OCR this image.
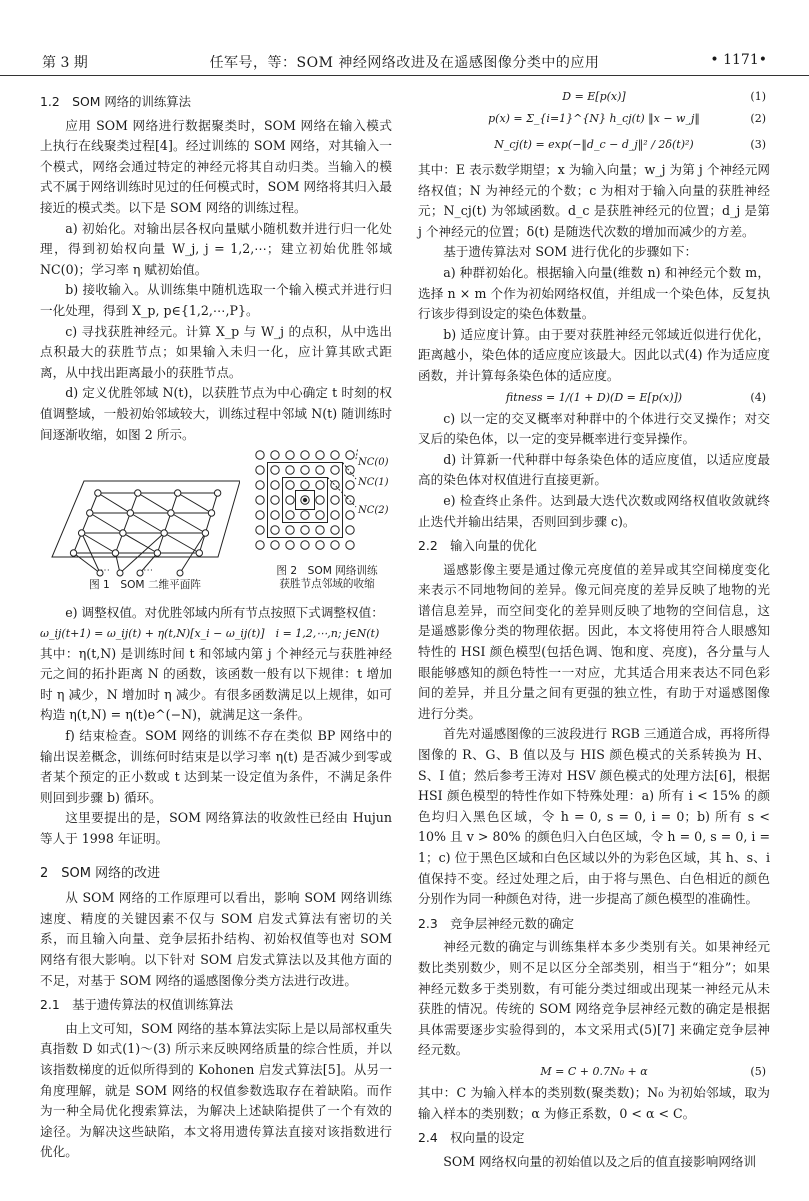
第 3 期	任军号，等：SOM 神经网络改进及在遥感图像分类中的应用	• 1171•
1.2　SOM 网络的训练算法

应用 SOM 网络进行数据聚类时，SOM 网络在输入模式上执行在线聚类过程[4]。经过训练的 SOM 网络，对其输入一个模式，网络会通过特定的神经元将其自动归类。当输入的模式不属于网络训练时见过的任何模式时，SOM 网络将其归入最接近的模式类。以下是 SOM 网络的训练过程。

a) 初始化。对输出层各权向量赋小随机数并进行归一化处理，得到初始权向量 W_j, j = 1,2,⋯；建立初始优胜邻域 NC(0)；学习率 η 赋初始值。

b) 接收输入。从训练集中随机选取一个输入模式并进行归一化处理，得到 X_p, p∈{1,2,⋯,P}。

c) 寻找获胜神经元。计算 X_p 与 W_j 的点积，从中选出点积最大的获胜节点；如果输入未归一化，应计算其欧式距离，从中找出距离最小的获胜节点。

d) 定义优胜邻域 N(t)，以获胜节点为中心确定 t 时刻的权值调整域，一般初始邻域较大，训练过程中邻域 N(t) 随训练时间逐渐收缩，如图 2 所示。

⋯ ⋯
NC(0)
NC(1)
NC(2)
图 1　SOM 二维平面阵
图 2　SOM 网络训练
获胜节点邻域的收缩

e) 调整权值。对优胜邻域内所有节点按照下式调整权值：

ω_ij(t+1) = ω_ij(t) + η(t,N)[x_i − ω_ij(t)]　i = 1,2,⋯,n; j∈N(t)

其中：η(t,N) 是训练时间 t 和邻域内第 j 个神经元与获胜神经元之间的拓扑距离 N 的函数，该函数一般有以下规律：t 增加时 η 减少，N 增加时 η 减少。有很多函数满足以上规律，如可构造 η(t,N) = η(t)e^(−N)，就满足这一条件。

f) 结束检查。SOM 网络的训练不存在类似 BP 网络中的输出误差概念，训练何时结束是以学习率 η(t) 是否减少到零或者某个预定的正小数或 t 达到某一设定值为条件，不满足条件则回到步骤 b) 循环。

这里要提出的是，SOM 网络算法的收敛性已经由 Hujun 等人于 1998 年证明。

2　SOM 网络的改进

从 SOM 网络的工作原理可以看出，影响 SOM 网络训练速度、精度的关键因素不仅与 SOM 启发式算法有密切的关系，而且输入向量、竞争层拓扑结构、初始权值等也对 SOM 网络有很大影响。以下针对 SOM 启发式算法以及其他方面的不足，对基于 SOM 网络的遥感图像分类方法进行改进。

2.1　基于遗传算法的权值训练算法

由上文可知，SOM 网络的基本算法实际上是以局部权重失真指数 D 如式(1)～(3) 所示来反映网络质量的综合性质，并以该指数梯度的近似所得到的 Kohonen 启发式算法[5]。从另一角度理解，就是 SOM 网络的权值参数选取存在着缺陷。而作为一种全局优化搜索算法，为解决上述缺陷提供了一个有效的途径。为解决这些缺陷，本文将用遗传算法直接对该指数进行优化。

D = E[p(x)]	(1)
p(x) = Σ_{i=1}^{N} h_cj(t) ‖x − w_j‖	(2)
N_cj(t) = exp(−‖d_c − d_j‖² / 2δ(t)²)	(3)

其中：E 表示数学期望；x 为输入向量；w_j 为第 j 个神经元网络权值；N 为神经元的个数；c 为相对于输入向量的获胜神经元；N_cj(t) 为邻域函数。d_c 是获胜神经元的位置；d_j 是第 j 个神经元的位置；δ(t) 是随迭代次数的增加而减少的方差。

基于遗传算法对 SOM 进行优化的步骤如下：

a) 种群初始化。根据输入向量(维数 n) 和神经元个数 m，选择 n × m 个作为初始网络权值，并组成一个染色体，反复执行该步得到设定的染色体数量。

b) 适应度计算。由于要对获胜神经元邻域近似进行优化，距离越小，染色体的适应度应该最大。因此以式(4) 作为适应度函数，并计算每条染色体的适应度。

fitness = 1/(1 + D)(D = E[p(x)])	(4)

c) 以一定的交叉概率对种群中的个体进行交叉操作；对交叉后的染色体，以一定的变异概率进行变异操作。

d) 计算新一代种群中每条染色体的适应度值，以适应度最高的染色体对权值进行直接更新。

e) 检查终止条件。达到最大迭代次数或网络权值收敛就终止迭代并输出结果，否则回到步骤 c)。

2.2　输入向量的优化

遥感影像主要是通过像元亮度值的差异或其空间梯度变化来表示不同地物间的差异。像元间亮度的差异反映了地物的光谱信息差异，而空间变化的差异则反映了地物的空间信息，这是遥感影像分类的物理依据。因此，本文将使用符合人眼感知特性的 HSI 颜色模型(包括色调、饱和度、亮度)，各分量与人眼能够感知的颜色特性一一对应，尤其适合用来表达不同色彩间的差异，并且分量之间有更强的独立性，有助于对遥感图像进行分类。

首先对遥感图像的三波段进行 RGB 三通道合成，再将所得图像的 R、G、B 值以及与 HIS 颜色模式的关系转换为 H、S、I 值；然后参考王涛对 HSV 颜色模式的处理方法[6]，根据 HSI 颜色模型的特性作如下特殊处理：a) 所有 i < 15% 的颜色均归入黑色区域，令 h = 0, s = 0, i = 0；b) 所有 s < 10% 且 v > 80% 的颜色归入白色区域，令 h = 0, s = 0, i = 1；c) 位于黑色区域和白色区域以外的为彩色区域，其 h、s、i 值保持不变。经过处理之后，由于将与黑色、白色相近的颜色分别作为同一种颜色对待，进一步提高了颜色模型的准确性。

2.3　竞争层神经元数的确定

神经元数的确定与训练集样本多少类别有关。如果神经元数比类别数少，则不足以区分全部类别，相当于“粗分”；如果神经元数多于类别数，有可能分类过细或出现某一神经元从未获胜的情况。传统的 SOM 网络竞争层神经元数的确定是根据具体需要逐步实验得到的，本文采用式(5)[7] 来确定竞争层神经元数。

M = C + 0.7N₀ + α	(5)

其中：C 为输入样本的类别数(聚类数)；N₀ 为初始邻域，取为输入样本的类别数；α 为修正系数，0 < α < C。

2.4　权向量的设定

SOM 网络权向量的初始值以及之后的值直接影响网络训
